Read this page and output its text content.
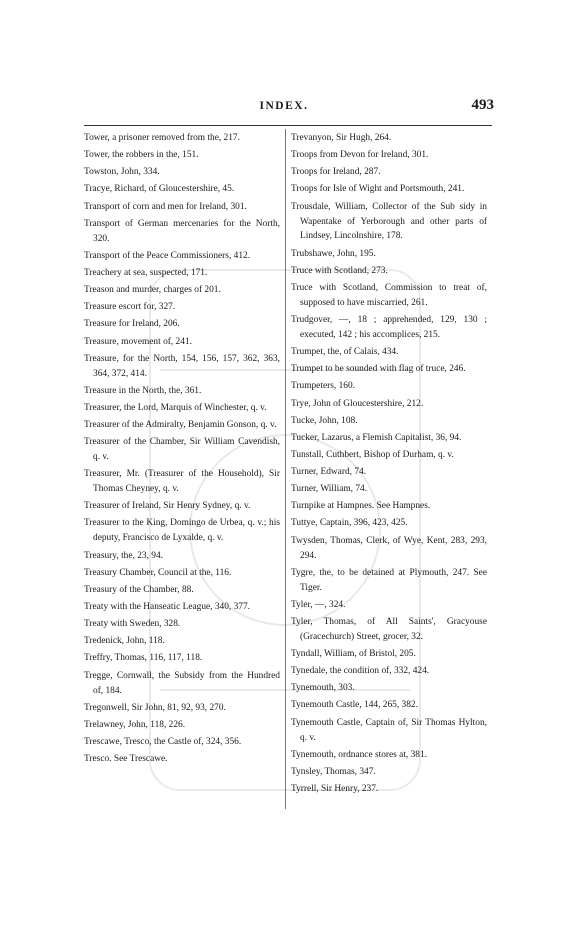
INDEX.	493
Tower, a prisoner removed from the, 217.
Tower, the robbers in the, 151.
Towston, John, 334.
Tracye, Richard, of Gloucestershire, 45.
Transport of corn and men for Ireland, 301.
Transport of German mercenaries for the North, 320.
Transport of the Peace Commissioners, 412.
Treachery at sea, suspected, 171.
Treason and murder, charges of 201.
Treasure escort for, 327.
Treasure for Ireland, 206.
Treasure, movement of, 241.
Treasure, for the North, 154, 156, 157, 362, 363, 364, 372, 414.
Treasure in the North, the, 361.
Treasurer, the Lord, Marquis of Winchester, q. v.
Treasurer of the Admiralty, Benjamin Gonson, q. v.
Treasurer of the Chamber, Sir William Cavendish, q. v.
Treasurer, Mr. (Treasurer of the Household), Sir Thomas Cheyney, q. v.
Treasurer of Ireland, Sir Henry Sydney, q. v.
Treasurer to the King, Domingo de Urbea, q. v.; his deputy, Francisco de Lyxalde, q. v.
Treasury, the, 23, 94.
Treasury Chamber, Council at the, 116.
Treasury of the Chamber, 88.
Treaty with the Hanseatic League, 340, 377.
Treaty with Sweden, 328.
Tredenick, John, 118.
Treffry, Thomas, 116, 117, 118.
Tregge, Cornwall, the Subsidy from the Hundred of, 184.
Tregonwell, Sir John, 81, 92, 93, 270.
Trelawney, John, 118, 226.
Trescawe, Tresco, the Castle of, 324, 356.
Tresco. See Trescawe.
Trevanyon, Sir Hugh, 264.
Troops from Devon for Ireland, 301.
Troops for Ireland, 287.
Troops for Isle of Wight and Portsmouth, 241.
Trousdale, William, Collector of the Sub sidy in Wapentake of Yerborough and other parts of Lindsey, Lincolnshire, 178.
Trubshawe, John, 195.
Truce with Scotland, 273.
Truce with Scotland, Commission to treat of, supposed to have miscarried, 261.
Trudgover, —, 18 ; apprehended, 129, 130 ; executed, 142 ; his accomplices, 215.
Trumpet, the, of Calais, 434.
Trumpet to be sounded with flag of truce, 246.
Trumpeters, 160.
Trye, John of Gloucestershire, 212.
Tucke, John, 108.
Tucker, Lazarus, a Flemish Capitalist, 36, 94.
Tunstall, Cuthbert, Bishop of Durham, q. v.
Turner, Edward, 74.
Turner, William, 74.
Turnpike at Hampnes. See Hampnes.
Tuttye, Captain, 396, 423, 425.
Twysden, Thomas, Clerk, of Wye, Kent, 283, 293, 294.
Tygre, the, to be detained at Plymouth, 247. See Tiger.
Tyler, —, 324.
Tyler, Thomas, of All Saints', Gracyouse (Gracechurch) Street, grocer, 32.
Tyndall, William, of Bristol, 205.
Tynedale, the condition of, 332, 424.
Tynemouth, 303.
Tynemouth Castle, 144, 265, 382.
Tynemouth Castle, Captain of, Sir Thomas Hylton, q. v.
Tynemouth, ordnance stores at, 381.
Tynsley, Thomas, 347.
Tyrrell, Sir Henry, 237.
